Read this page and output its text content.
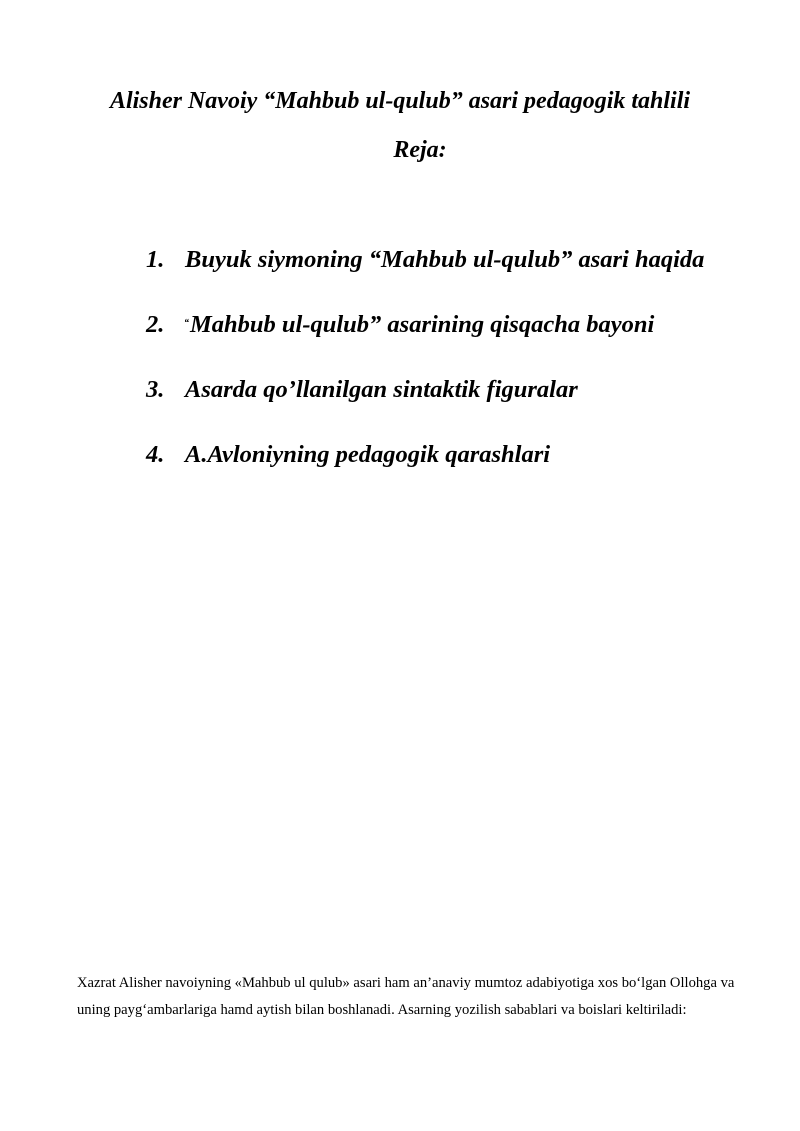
Alisher Navoiy “Mahbub ul-qulub” asari pedagogik tahlili
Reja:
1. Buyuk siymoning “Mahbub ul-qulub” asari haqida
2. “Mahbub ul-qulub” asarining qisqacha bayoni
3. Asarda qo’llanilgan sintaktik figuralar
4. A.Avloniyning pedagogik qarashlari

Xazrat Alisher navoiyning «Mahbub ul qulub» asari ham an’anaviy mumtoz adabiyotiga xos bo‘lgan Ollohga va uning payg‘ambarlariga hamd aytish bilan boshlanadi. Asarning yozilish sabablari va boislari keltiriladi:
